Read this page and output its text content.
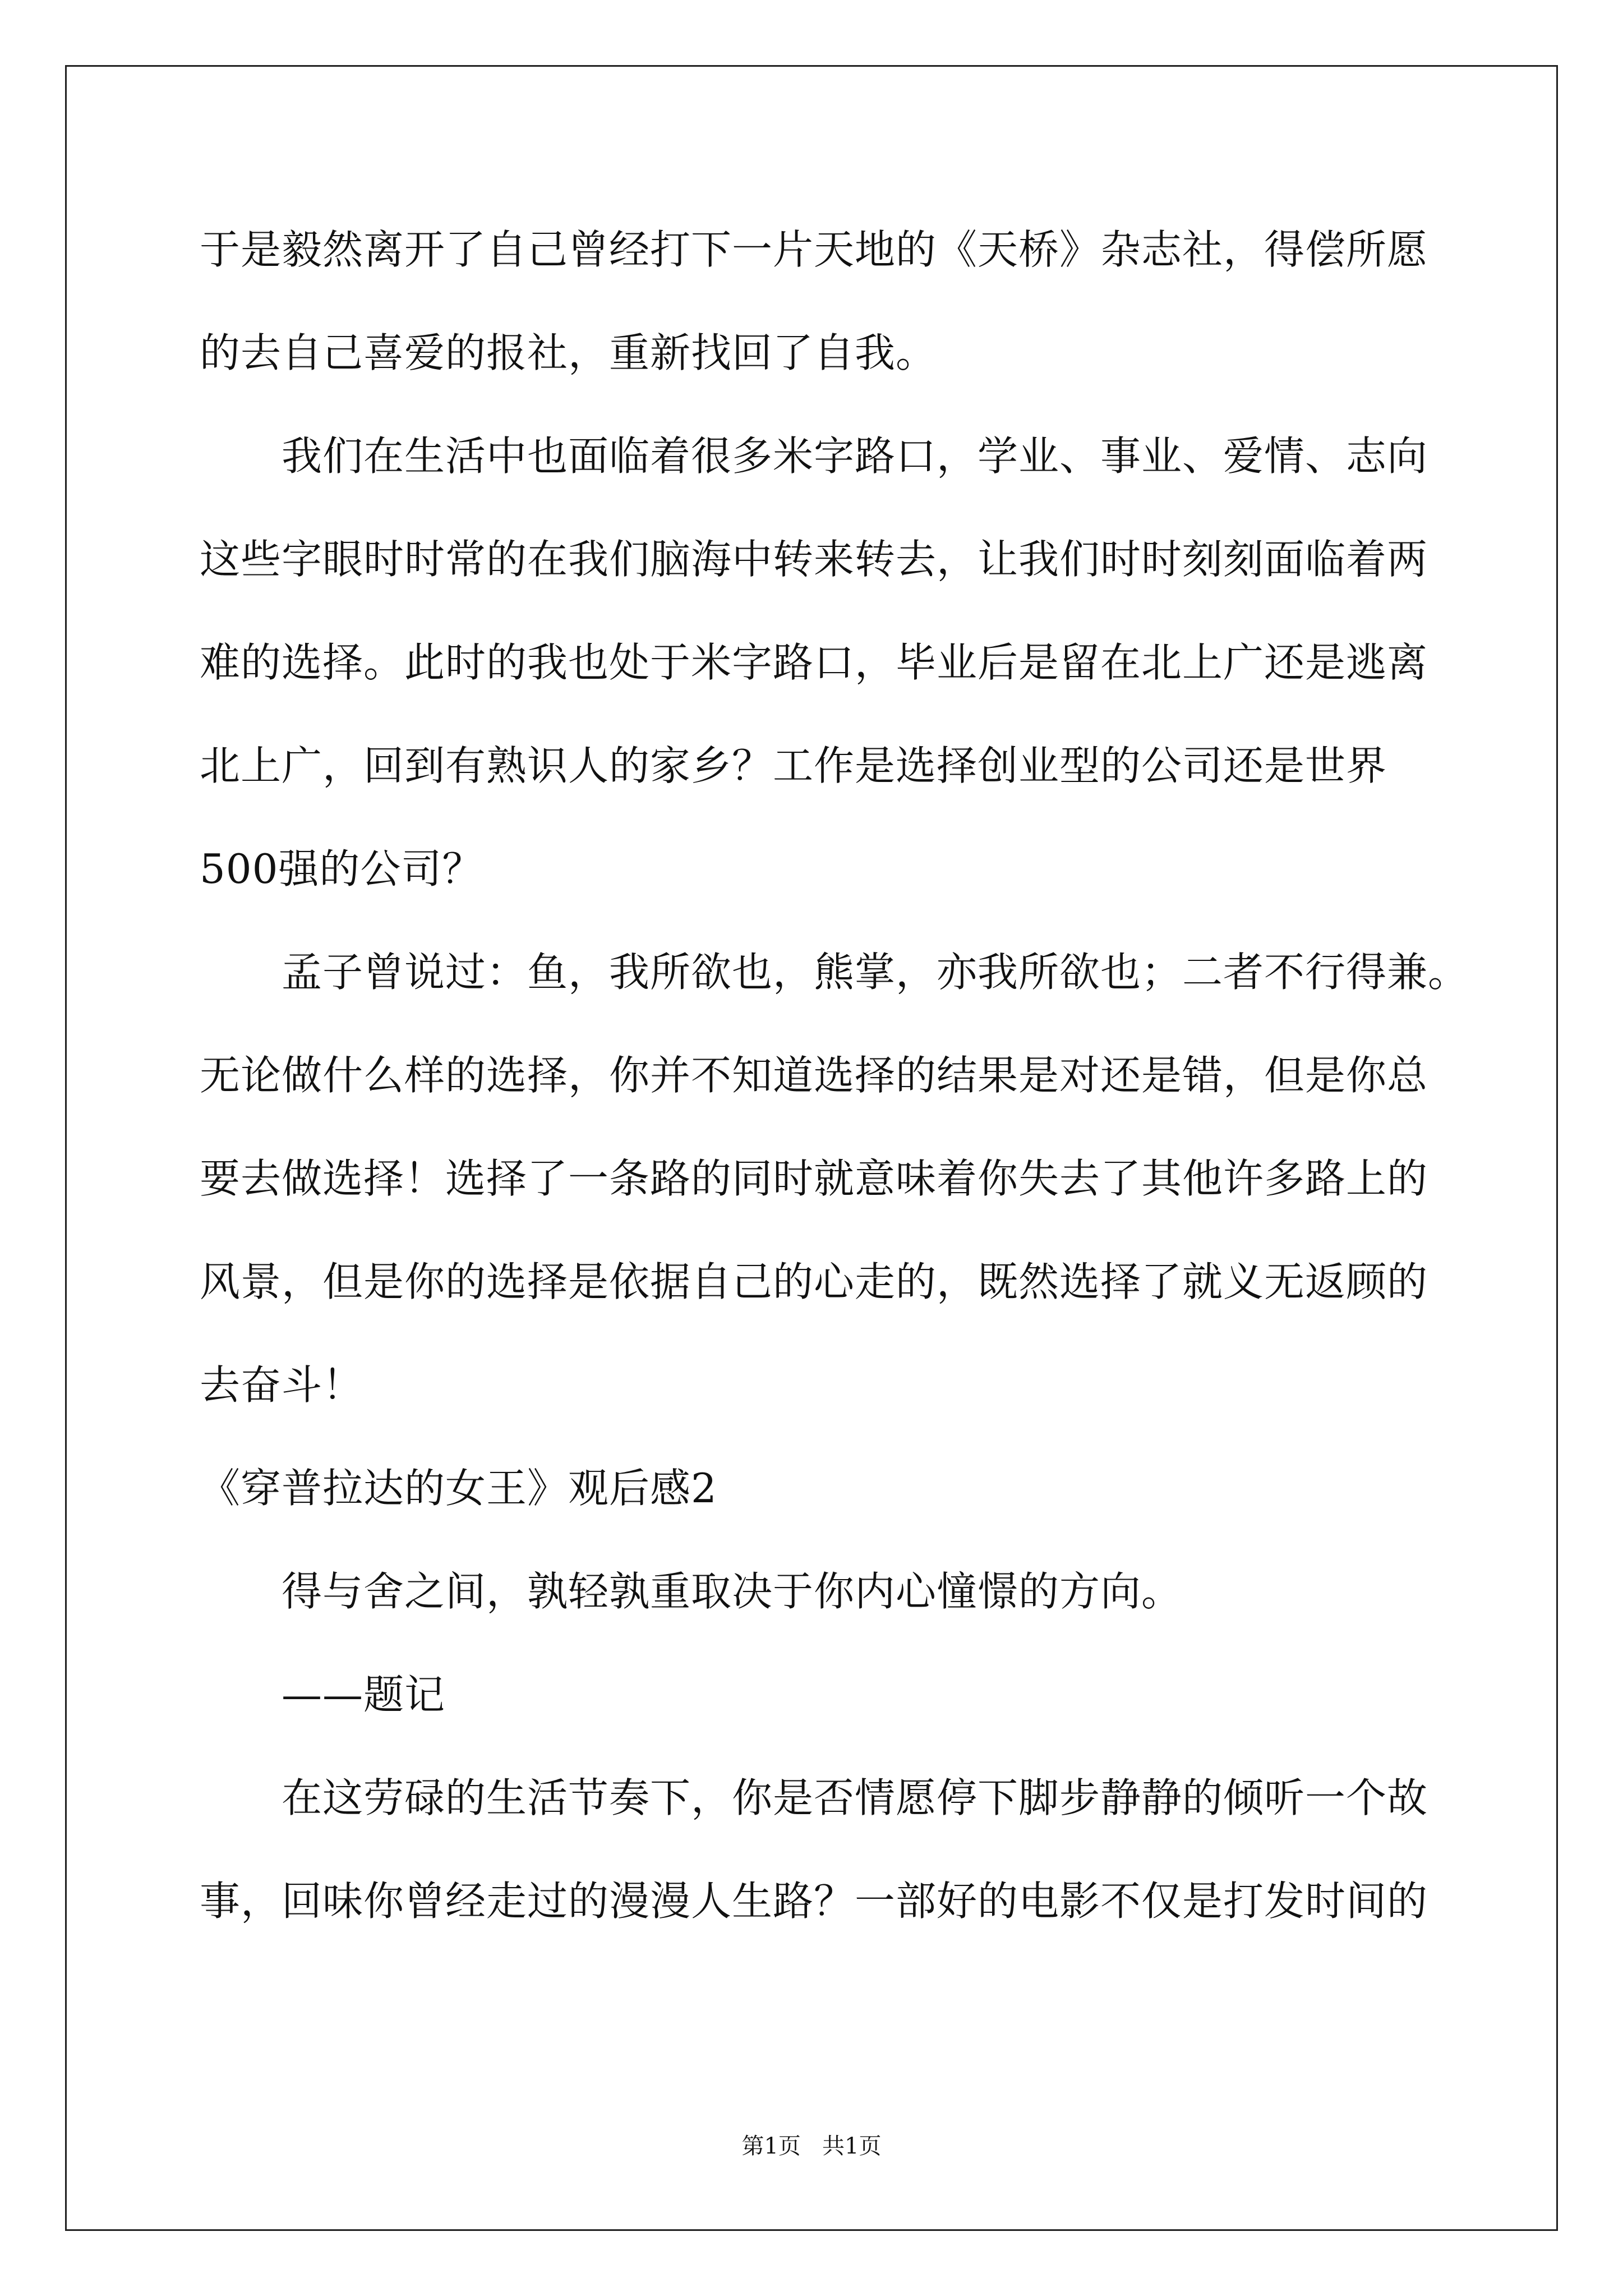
于是毅然离开了自己曾经打下一片天地的《天桥》杂志社，得偿所愿
的去自己喜爱的报社，重新找回了自我。
我们在生活中也面临着很多米字路口，学业、事业、爱情、志向
这些字眼时时常的在我们脑海中转来转去，让我们时时刻刻面临着两
难的选择。此时的我也处于米字路口，毕业后是留在北上广还是逃离
北上广，回到有熟识人的家乡？工作是选择创业型的公司还是世界
500强的公司？
孟子曾说过：鱼，我所欲也，熊掌，亦我所欲也；二者不行得兼。
无论做什么样的选择，你并不知道选择的结果是对还是错，但是你总
要去做选择！选择了一条路的同时就意味着你失去了其他许多路上的
风景，但是你的选择是依据自己的心走的，既然选择了就义无返顾的
去奋斗！
《穿普拉达的女王》观后感2
得与舍之间，孰轻孰重取决于你内心憧憬的方向。
——题记
在这劳碌的生活节奏下，你是否情愿停下脚步静静的倾听一个故
事，回味你曾经走过的漫漫人生路？一部好的电影不仅是打发时间的
第1页   共1页
